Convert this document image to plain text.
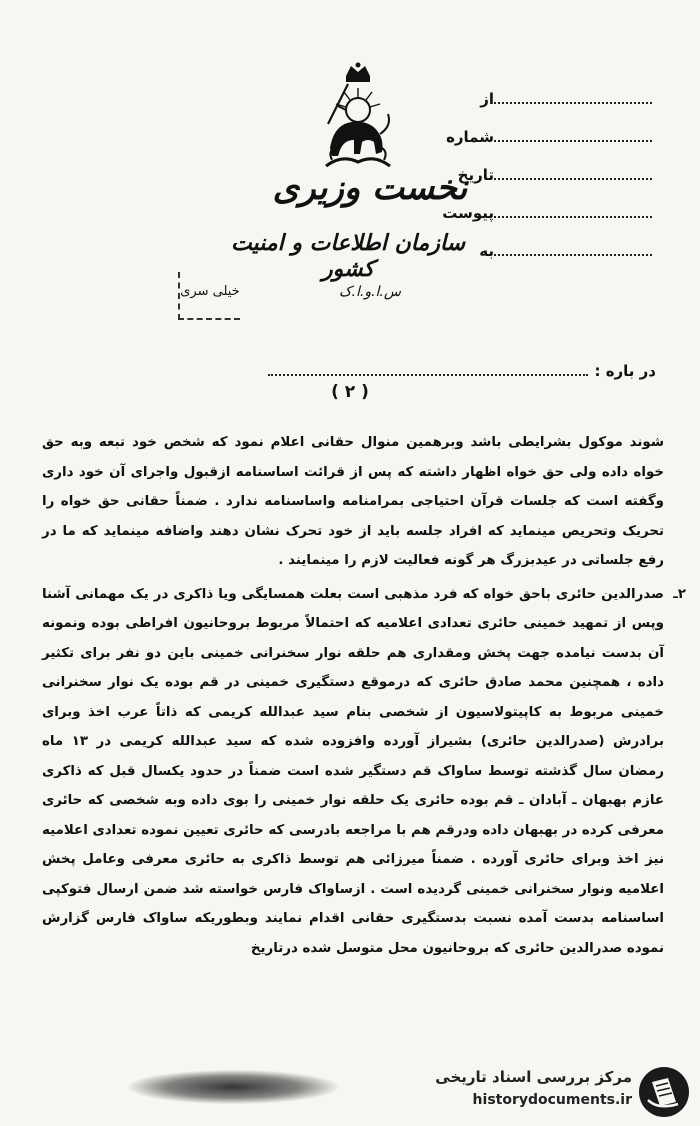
نخست وزیری
سازمان اطلاعات و امنیت کشور
س.ا.و.ا.ک
خیلی سری
از
شماره
تاریخ
پیوست
به
در باره :
( ۲ )

شوند موکول بشرایطی باشد وبرهمین منوال حقانی اعلام نمود که شخص خود تبعه وبه حق خواه داده ولی حق خواه اظهار داشته که پس از قرائت اساسنامه ازقبول واجرای آن خود داری وگفته است که جلسات قرآن احتیاجی بمرامنامه واساسنامه ندارد . ضمناً حقانی حق خواه را تحریک وتحریص مینماید که افراد جلسه باید از خود تحرک نشان دهند واضافه مینماید که ما در رفع جلساتی در عیدبزرگ هر گونه فعالیت لازم را مینمایند .

۲ـ

صدرالدین حائری باحق خواه که فرد مذهبی است بعلت همسایگی ویا ذاکری در یک مهمانی آشنا وپس از تمهید خمینی حائری تعدادی اعلامیه که احتمالاً مربوط بروحانیون افراطی بوده ونمونه آن بدست نیامده جهت پخش ومقداری هم حلقه نوار سخنرانی خمینی باین دو نفر برای تکثیر داده ، همچنین محمد صادق حائری که درموقع دستگیری خمینی در قم بوده یک نوار سخنرانی خمینی مربوط به کاپیتولاسیون از شخصی بنام سید عبدالله کریمی که ذاتاً عرب اخذ وبرای برادرش (صدرالدین حائری) بشیراز آورده وافزوده شده که سید عبدالله کریمی در ۱۳ ماه رمضان سال گذشته توسط ساواک قم دستگیر شده است ضمناً در حدود یکسال قبل که ذاکری عازم بهبهان ـ آبادان ـ قم بوده حائری یک حلقه نوار خمینی را بوی داده وبه شخصی که حائری معرفی کرده در بهبهان داده ودرقم هم با مراجعه بادرسی که حائری تعیین نموده تعدادی اعلامیه نیز اخذ وبرای حائری آورده . ضمناً میرزائی هم توسط ذاکری به حائری معرفی وعامل پخش اعلامیه ونوار سخنرانی خمینی گردیده است . ازساواک فارس خواسته شد ضمن ارسال فتوکپی اساسنامه بدست آمده نسبت بدستگیری حقانی اقدام نمایند وبطوریکه ساواک فارس گزارش نموده صدرالدین حائری که بروحانیون محل متوسل شده درتاریخ

مرکز بررسی اسناد تاریخی
historydocuments.ir
